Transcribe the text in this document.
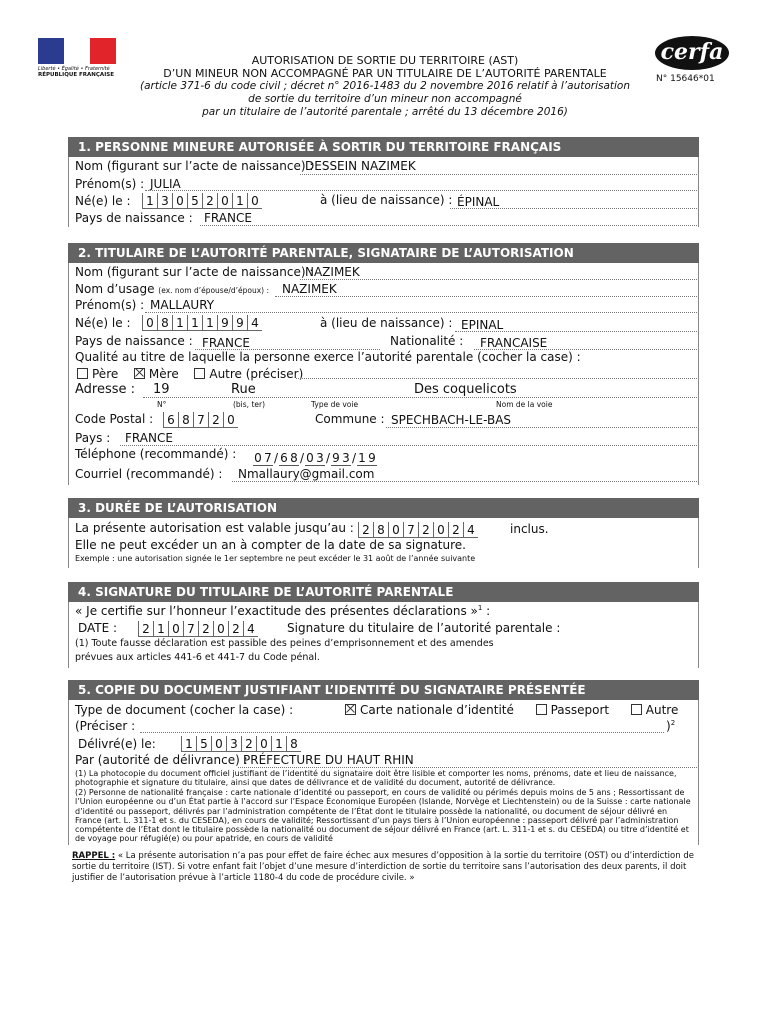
Liberté • Égalité • Fraternité
RÉPUBLIQUE FRANÇAISE
AUTORISATION DE SORTIE DU TERRITOIRE (AST)
D’UN MINEUR NON ACCOMPAGNÉ PAR UN TITULAIRE DE L’AUTORITÉ PARENTALE
(article 371-6 du code civil ; décret n° 2016-1483 du 2 novembre 2016 relatif à l’autorisation
de sortie du territoire d’un mineur non accompagné
par un titulaire de l’autorité parentale ; arrêté du 13 décembre 2016)
cerfa
N° 15646*01
1. PERSONNE MINEURE AUTORISÉE À SORTIR DU TERRITOIRE FRANÇAIS
Nom (figurant sur l’acte de naissance) :
DESSEIN NAZIMEK
Prénom(s) : JULIA
Né(e) le : 1 3 0 5 2 0 1 0	à (lieu de naissance) : ÉPINAL
Pays de naissance : FRANCE
2. TITULAIRE DE L’AUTORITÉ PARENTALE, SIGNATAIRE DE L’AUTORISATION
Nom (figurant sur l’acte de naissance) :
NAZIMEK
Nom d’usage (ex. nom d’épouse/d’époux) : NAZIMEK
Prénom(s) : MALLAURY
Né(e) le : 0 8 1 1 1 9 9 4	à (lieu de naissance) : EPINAL
Pays de naissance : FRANCE	Nationalité : FRANCAISE
Qualité au titre de laquelle la personne exerce l’autorité parentale (cocher la case) :
Père	Mère	Autre (préciser)
Adresse : 19	Rue	Des coquelicots
N°	(bis, ter)	Type de voie	Nom de la voie
Code Postal : 6 8 7 2 0	Commune : SPECHBACH-LE-BAS
Pays : FRANCE
Téléphone (recommandé) : 0 7 / 6 8 / 0 3 / 9 3 / 1 9
Courriel (recommandé) : Nmallaury@gmail.com
3. DURÉE DE L’AUTORISATION
La présente autorisation est valable jusqu’au : 2 8 0 7 2 0 2 4	inclus.
Elle ne peut excéder un an à compter de la date de sa signature.
Exemple : une autorisation signée le 1er septembre ne peut excéder le 31 août de l’année suivante
4. SIGNATURE DU TITULAIRE DE L’AUTORITÉ PARENTALE
« Je certifie sur l’honneur l’exactitude des présentes déclarations »$^1$ :
DATE : 2 1 0 7 2 0 2 4	Signature du titulaire de l’autorité parentale :
(1) Toute fausse déclaration est passible des peines d’emprisonnement et des amendes
prévues aux articles 441-6 et 441-7 du Code pénal.
5. COPIE DU DOCUMENT JUSTIFIANT L’IDENTITÉ DU SIGNATAIRE PRÉSENTÉE
Type de document (cocher la case) :	Carte nationale d’identité	Passeport	Autre
(Préciser :	)$^2$
Délivré(e) le: 1 5 0 3 2 0 1 8
Par (autorité de délivrance) :
PRÉFECTURE DU HAUT RHIN
(1) La photocopie du document officiel justifiant de l’identité du signataire doit être lisible et comporter les noms, prénoms, date et lieu de naissance, photographie et signature du titulaire, ainsi que dates de délivrance et de validité du document, autorité de délivrance.
(2) Personne de nationalité française : carte nationale d’identité ou passeport, en cours de validité ou périmés depuis moins de 5 ans ; Ressortissant de l’Union européenne ou d’un État partie à l’accord sur l’Espace Économique Européen (Islande, Norvège et Liechtenstein) ou de la Suisse : carte nationale d’identité ou passeport, délivrés par l’administration compétente de l’État dont le titulaire possède la nationalité, ou document de séjour délivré en France (art. L. 311-1 et s. du CESEDA), en cours de validité; Ressortissant d’un pays tiers à l’Union européenne : passeport délivré par l’administration compétente de l’État dont le titulaire possède la nationalité ou document de séjour délivré en France (art. L. 311-1 et s. du CESEDA) ou titre d’identité et de voyage pour réfugié(e) ou pour apatride, en cours de validité
RAPPEL : « La présente autorisation n’a pas pour effet de faire échec aux mesures d’opposition à la sortie du territoire (OST) ou d’interdiction de sortie du territoire (IST). Si votre enfant fait l’objet d’une mesure d’interdiction de sortie du territoire sans l’autorisation des deux parents, il doit justifier de l’autorisation prévue à l’article 1180-4 du code de procédure civile. »
